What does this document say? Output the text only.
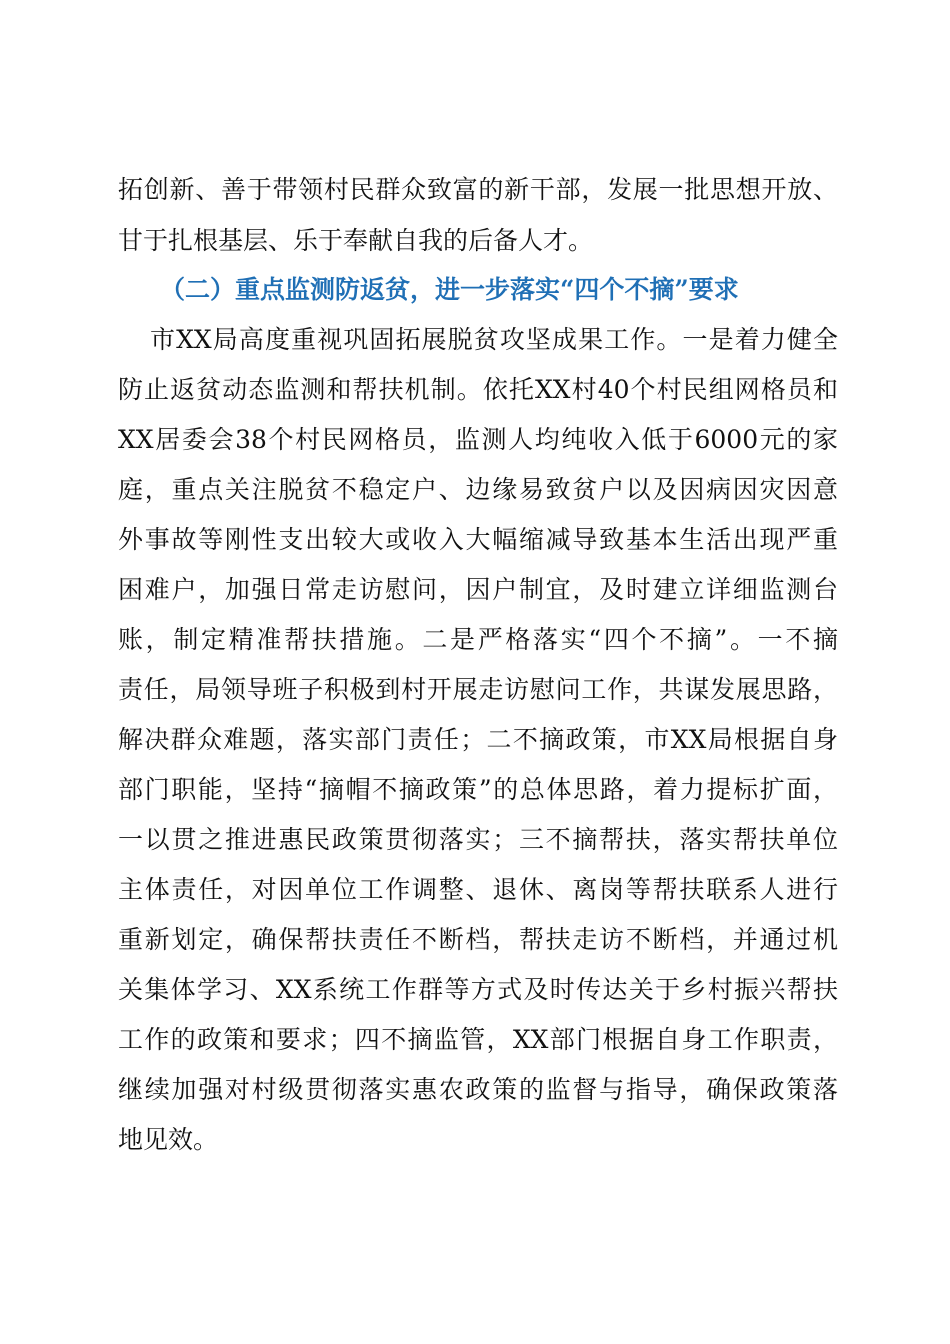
拓创新、善于带领村民群众致富的新干部，发展一批思想开放、
甘于扎根基层、乐于奉献自我的后备人才。
（二）重点监测防返贫，进一步落实“四个不摘”要求
市XX局高度重视巩固拓展脱贫攻坚成果工作。一是着力健全
防止返贫动态监测和帮扶机制。依托XX村40个村民组网格员和
XX居委会38个村民网格员，监测人均纯收入低于6000元的家
庭，重点关注脱贫不稳定户、边缘易致贫户以及因病因灾因意
外事故等刚性支出较大或收入大幅缩减导致基本生活出现严重
困难户，加强日常走访慰问，因户制宜，及时建立详细监测台
账，制定精准帮扶措施。二是严格落实“四个不摘”。一不摘
责任，局领导班子积极到村开展走访慰问工作，共谋发展思路，
解决群众难题，落实部门责任；二不摘政策，市XX局根据自身
部门职能，坚持“摘帽不摘政策”的总体思路，着力提标扩面，
一以贯之推进惠民政策贯彻落实；三不摘帮扶，落实帮扶单位
主体责任，对因单位工作调整、退休、离岗等帮扶联系人进行
重新划定，确保帮扶责任不断档，帮扶走访不断档，并通过机
关集体学习、XX系统工作群等方式及时传达关于乡村振兴帮扶
工作的政策和要求；四不摘监管，XX部门根据自身工作职责，
继续加强对村级贯彻落实惠农政策的监督与指导，确保政策落
地见效。
